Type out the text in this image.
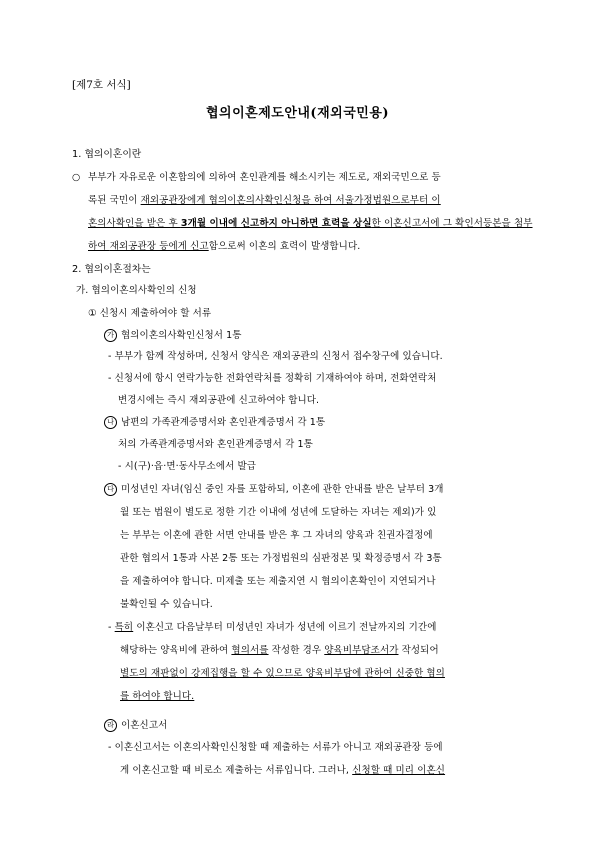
[제7호 서식]
협의이혼제도안내(재외국민용)
1. 협의이혼이란
○ 부부가 자유로운 이혼합의에 의하여 혼인관계를 해소시키는 제도로, 재외국민으로 등
록된 국민이 재외공관장에게 협의이혼의사확인신청을 하여 서울가정법원으로부터 이
혼의사확인을 받은 후 3개월 이내에 신고하지 아니하면 효력을 상실한 이혼신고서에 그 확인서등본을 첨부
하여 재외공관장 등에게 신고함으로써 이혼의 효력이 발생합니다.
2. 협의이혼절차는
가. 협의이혼의사확인의 신청
① 신청시 제출하여야 할 서류
가 협의이혼의사확인신청서 1통
- 부부가 함께 작성하며, 신청서 양식은 재외공관의 신청서 접수창구에 있습니다.
- 신청서에 항시 연락가능한 전화연락처를 정확히 기재하여야 하며, 전화연락처
변경시에는 즉시 재외공관에 신고하여야 합니다.
나 남편의 가족관계증명서와 혼인관계증명서 각 1통
처의 가족관계증명서와 혼인관계증명서 각 1통
- 시(구)·읍·면·동사무소에서 발급
다 미성년인 자녀(임신 중인 자를 포함하되, 이혼에 관한 안내를 받은 날부터 3개
월 또는 법원이 별도로 정한 기간 이내에 성년에 도달하는 자녀는 제외)가 있
는 부부는 이혼에 관한 서면 안내를 받은 후 그 자녀의 양육과 친권자결정에
관한 협의서 1통과 사본 2통 또는 가정법원의 심판정본 및 확정증명서 각 3통
을 제출하여야 합니다. 미제출 또는 제출지연 시 협의이혼확인이 지연되거나
불확인될 수 있습니다.
- 특히 이혼신고 다음날부터 미성년인 자녀가 성년에 이르기 전날까지의 기간에
해당하는 양육비에 관하여 협의서를 작성한 경우 양육비부담조서가 작성되어
별도의 재판없이 강제집행을 할 수 있으므로 양육비부담에 관하여 신중한 협의
를 하여야 합니다.
라 이혼신고서
- 이혼신고서는 이혼의사확인신청할 때 제출하는 서류가 아니고 재외공관장 등에
게 이혼신고할 때 비로소 제출하는 서류입니다. 그러나, 신청할 때 미리 이혼신
